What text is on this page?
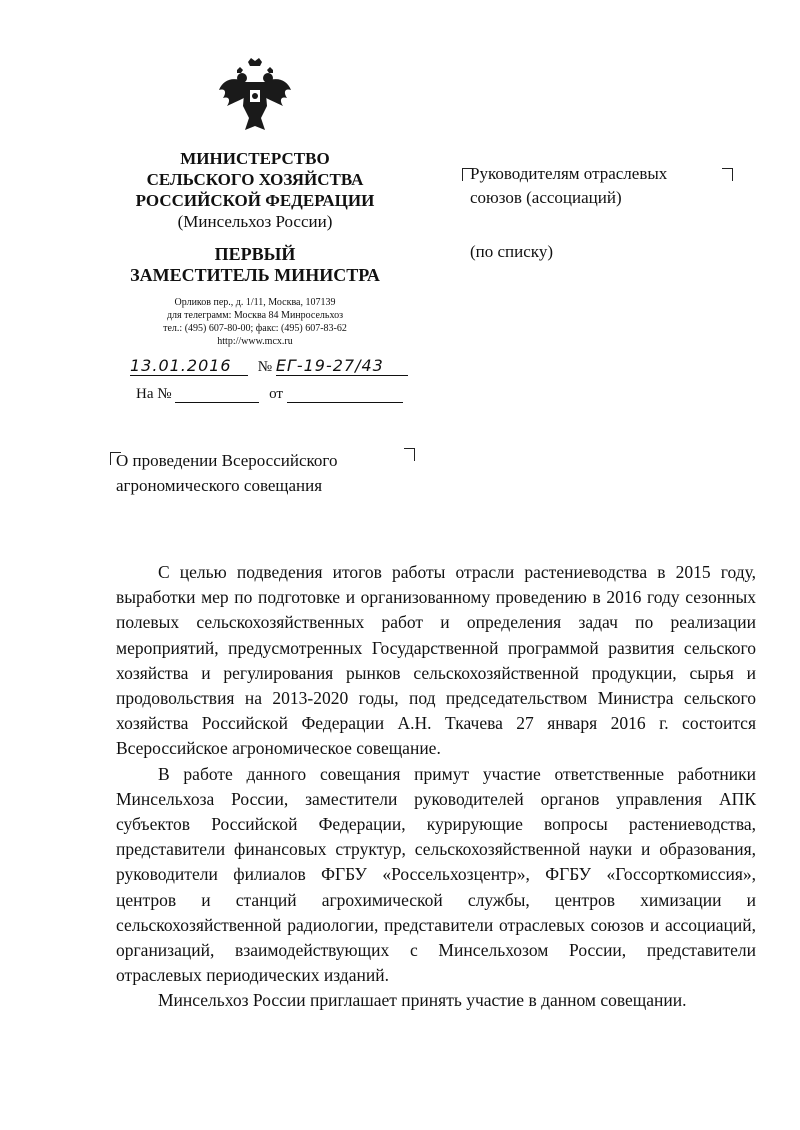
МИНИСТЕРСТВО
СЕЛЬСКОГО ХОЗЯЙСТВА
РОССИЙСКОЙ ФЕДЕРАЦИИ
(Минсельхоз России)
ПЕРВЫЙ
ЗАМЕСТИТЕЛЬ МИНИСТРА
Орликов пер., д. 1/11, Москва, 107139
для телеграмм: Москва 84 Минросельхоз
тел.: (495) 607-80-00; факс: (495) 607-83-62
http://www.mcx.ru
13.01.2016 № ЕГ-19-27/43
На №	от
Руководителям отраслевых
союзов (ассоциаций)
(по списку)
О проведении Всероссийского
агрономического совещания

С целью подведения итогов работы отрасли растениеводства в 2015 году, выработки мер по подготовке и организованному проведению в 2016 году сезонных полевых сельскохозяйственных работ и определения задач по реализации мероприятий, предусмотренных Государственной программой развития сельского хозяйства и регулирования рынков сельскохозяйственной продукции, сырья и продовольствия на 2013-2020 годы, под председательством Министра сельского хозяйства Российской Федерации А.Н. Ткачева 27 января 2016 г. состоится Всероссийское агрономическое совещание.

В работе данного совещания примут участие ответственные работники Минсельхоза России, заместители руководителей органов управления АПК субъектов Российской Федерации, курирующие вопросы растениеводства, представители финансовых структур, сельскохозяйственной науки и образования, руководители филиалов ФГБУ «Россельхозцентр», ФГБУ «Госсорткомиссия», центров и станций агрохимической службы, центров химизации и сельскохозяйственной радиологии, представители отраслевых союзов и ассоциаций, организаций, взаимодействующих с Минсельхозом России, представители отраслевых периодических изданий.

Минсельхоз России приглашает принять участие в данном совещании.
